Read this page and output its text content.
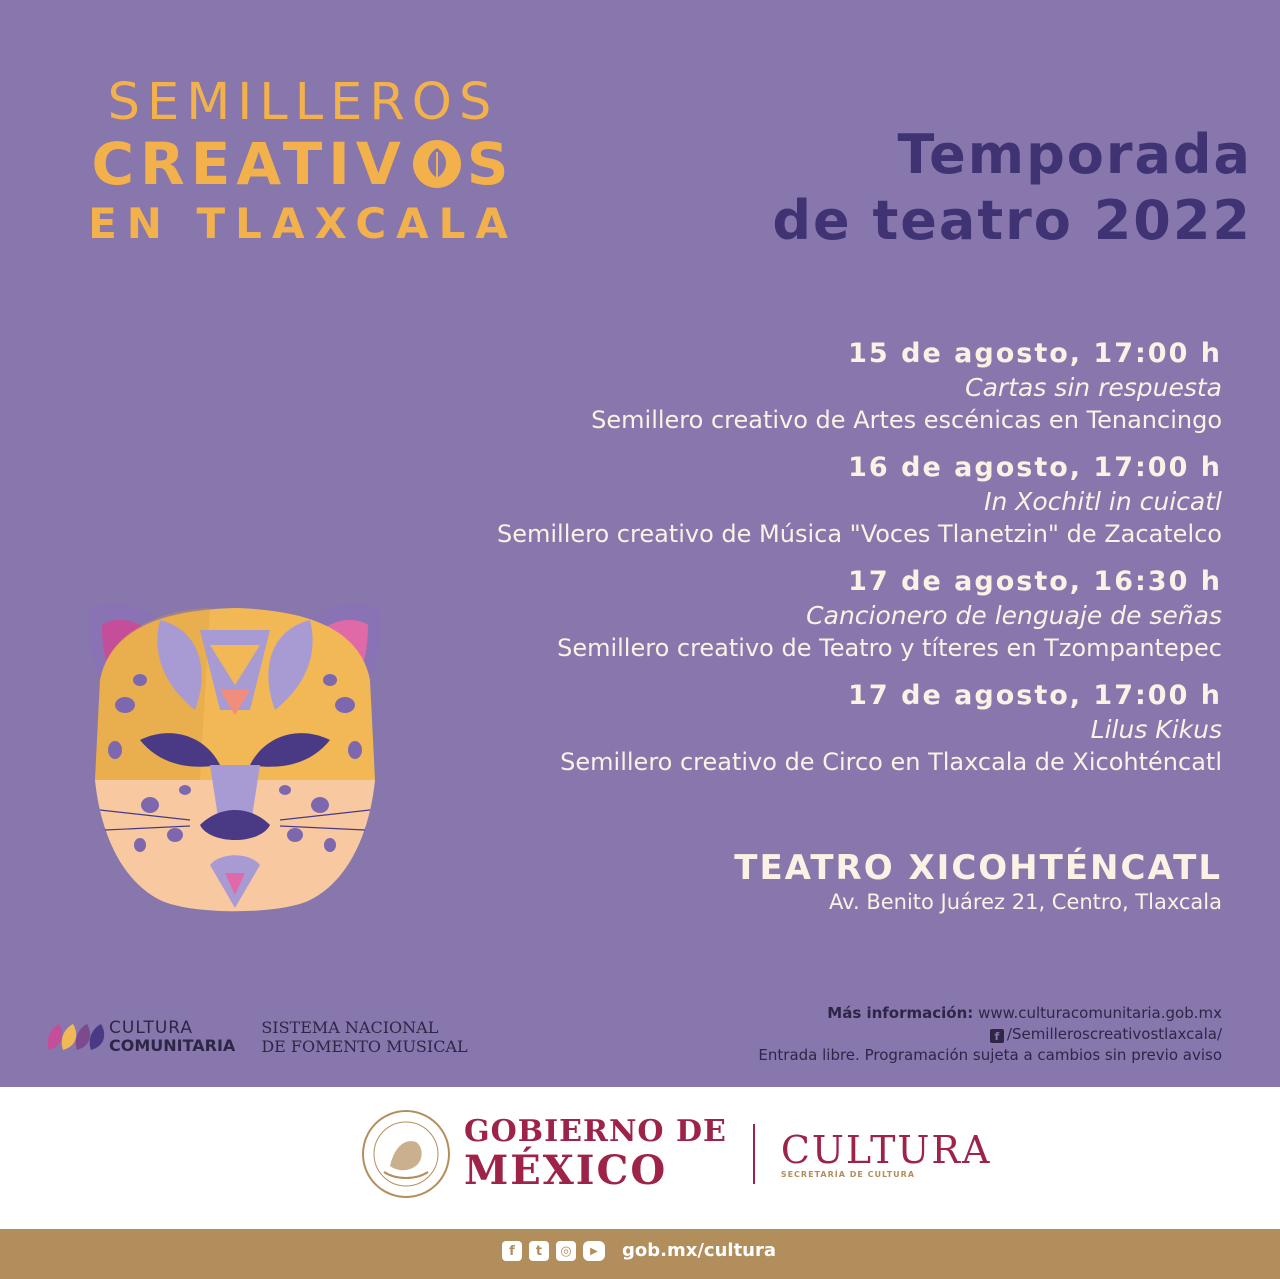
SEMILLEROS
CREATIV S
EN TLAXCALA
Temporada
de teatro 2022
15 de agosto, 17:00 h
Cartas sin respuesta
Semillero creativo de Artes escénicas en Tenancingo
16 de agosto, 17:00 h
In Xochitl in cuicatl
Semillero creativo de Música "Voces Tlanetzin" de Zacatelco
17 de agosto, 16:30 h
Cancionero de lenguaje de señas
Semillero creativo de Teatro y títeres en Tzompantepec
17 de agosto, 17:00 h
Lilus Kikus
Semillero creativo de Circo en Tlaxcala de Xicohténcatl
TEATRO XICOHTÉNCATL
Av. Benito Juárez 21, Centro, Tlaxcala
CULTURA
COMUNITARIA
SISTEMA NACIONAL
DE FOMENTO MUSICAL
Más información: www.culturacomunitaria.gob.mx
f /Semilleroscreativostlaxcala/
Entrada libre. Programación sujeta a cambios sin previo aviso
GOBIERNO DE
MÉXICO	CULTURA
SECRETARÍA DE CULTURA
f	t	◎	▶	gob.mx/cultura
